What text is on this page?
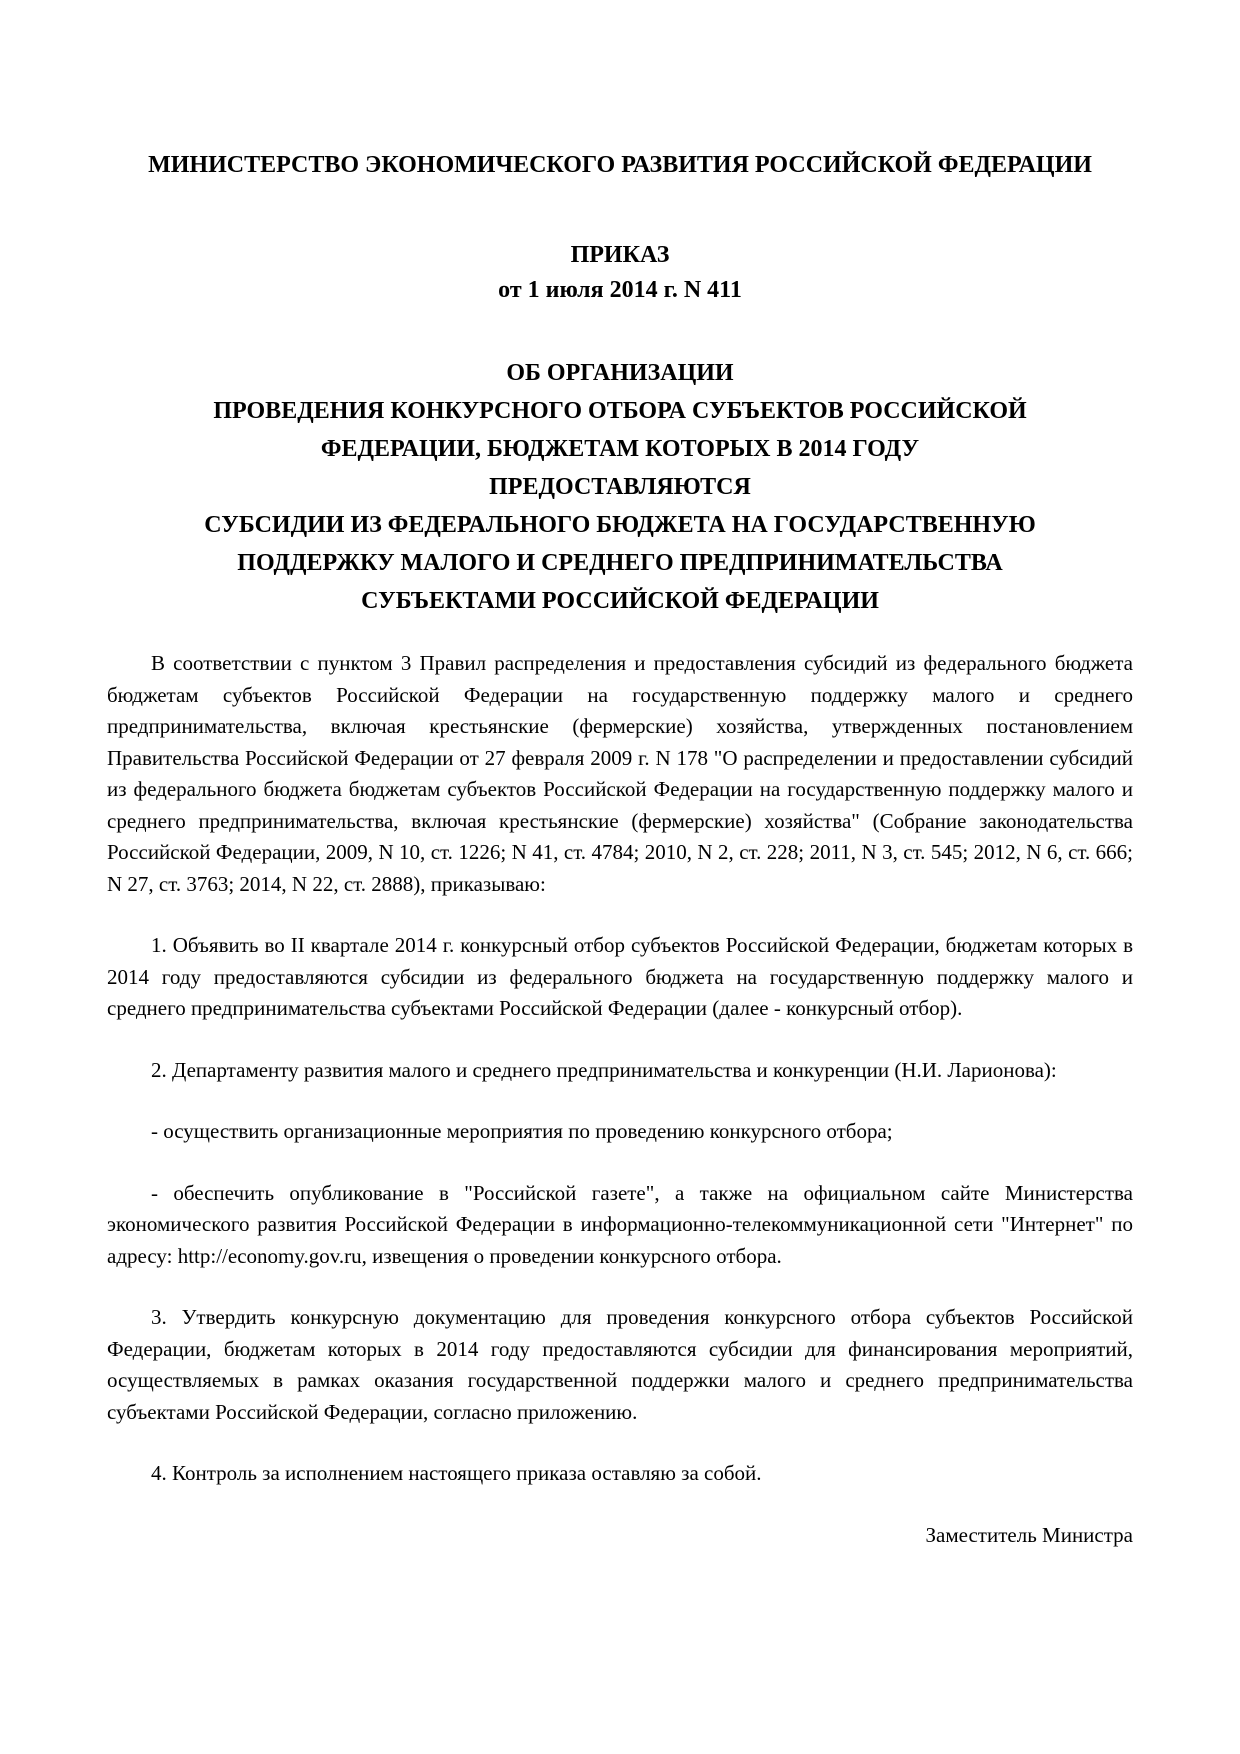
МИНИСТЕРСТВО ЭКОНОМИЧЕСКОГО РАЗВИТИЯ РОССИЙСКОЙ ФЕДЕРАЦИИ
ПРИКАЗ
от 1 июля 2014 г. N 411
ОБ ОРГАНИЗАЦИИ
ПРОВЕДЕНИЯ КОНКУРСНОГО ОТБОРА СУБЪЕКТОВ РОССИЙСКОЙ
ФЕДЕРАЦИИ, БЮДЖЕТАМ КОТОРЫХ В 2014 ГОДУ
ПРЕДОСТАВЛЯЮТСЯ
СУБСИДИИ ИЗ ФЕДЕРАЛЬНОГО БЮДЖЕТА НА ГОСУДАРСТВЕННУЮ
ПОДДЕРЖКУ МАЛОГО И СРЕДНЕГО ПРЕДПРИНИМАТЕЛЬСТВА
СУБЪЕКТАМИ РОССИЙСКОЙ ФЕДЕРАЦИИ

В соответствии с пунктом 3 Правил распределения и предоставления субсидий из федерального бюджета бюджетам субъектов Российской Федерации на государственную поддержку малого и среднего предпринимательства, включая крестьянские (фермерские) хозяйства, утвержденных постановлением Правительства Российской Федерации от 27 февраля 2009 г. N 178 "О распределении и предоставлении субсидий из федерального бюджета бюджетам субъектов Российской Федерации на государственную поддержку малого и среднего предпринимательства, включая крестьянские (фермерские) хозяйства" (Собрание законодательства Российской Федерации, 2009, N 10, ст. 1226; N 41, ст. 4784; 2010, N 2, ст. 228; 2011, N 3, ст. 545; 2012, N 6, ст. 666; N 27, ст. 3763; 2014, N 22, ст. 2888), приказываю:

1. Объявить во II квартале 2014 г. конкурсный отбор субъектов Российской Федерации, бюджетам которых в 2014 году предоставляются субсидии из федерального бюджета на государственную поддержку малого и среднего предпринимательства субъектами Российской Федерации (далее - конкурсный отбор).

2. Департаменту развития малого и среднего предпринимательства и конкуренции (Н.И. Ларионова):

- осуществить организационные мероприятия по проведению конкурсного отбора;

- обеспечить опубликование в "Российской газете", а также на официальном сайте Министерства экономического развития Российской Федерации в информационно-телекоммуникационной сети "Интернет" по адресу: http://economy.gov.ru, извещения о проведении конкурсного отбора.

3. Утвердить конкурсную документацию для проведения конкурсного отбора субъектов Российской Федерации, бюджетам которых в 2014 году предоставляются субсидии для финансирования мероприятий, осуществляемых в рамках оказания государственной поддержки малого и среднего предпринимательства субъектами Российской Федерации, согласно приложению.

4. Контроль за исполнением настоящего приказа оставляю за собой.

Заместитель Министра
